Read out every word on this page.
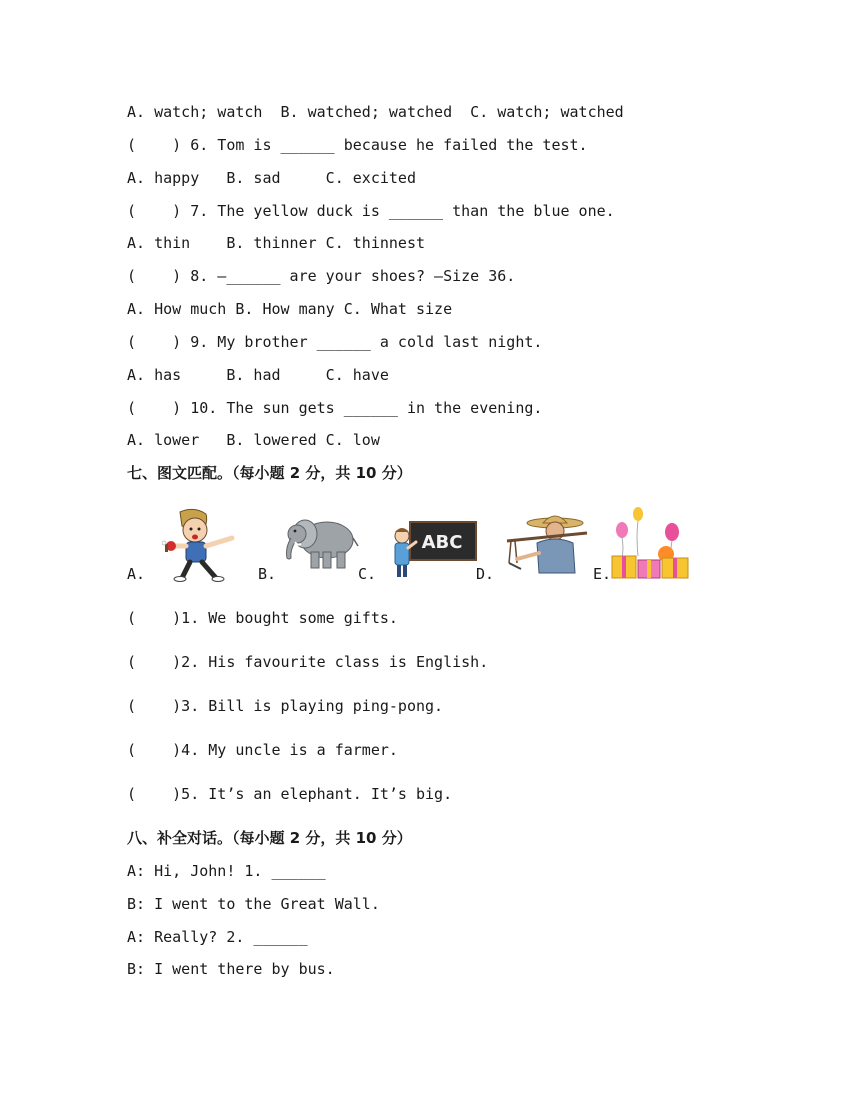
A. watch; watch  B. watched; watched  C. watch; watched
(    ) 6. Tom is ______ because he failed the test.
A. happy   B. sad     C. excited
(    ) 7. The yellow duck is ______ than the blue one.
A. thin    B. thinner C. thinnest
(    ) 8. —______ are your shoes? —Size 36.
A. How much B. How many C. What size
(    ) 9. My brother ______ a cold last night.
A. has     B. had     C. have
(    ) 10. The sun gets ______ in the evening.
A. lower   B. lowered C. low
七、图文匹配。（每小题 2 分，共 10 分）
A.	B.	C.	D.	E.
ABC
(    )1. We bought some gifts.
(    )2. His favourite class is English.
(    )3. Bill is playing ping-pong.
(    )4. My uncle is a farmer.
(    )5. It’s an elephant. It’s big.
八、补全对话。（每小题 2 分，共 10 分）
A: Hi, John! 1. ______
B: I went to the Great Wall.
A: Really? 2. ______
B: I went there by bus.
